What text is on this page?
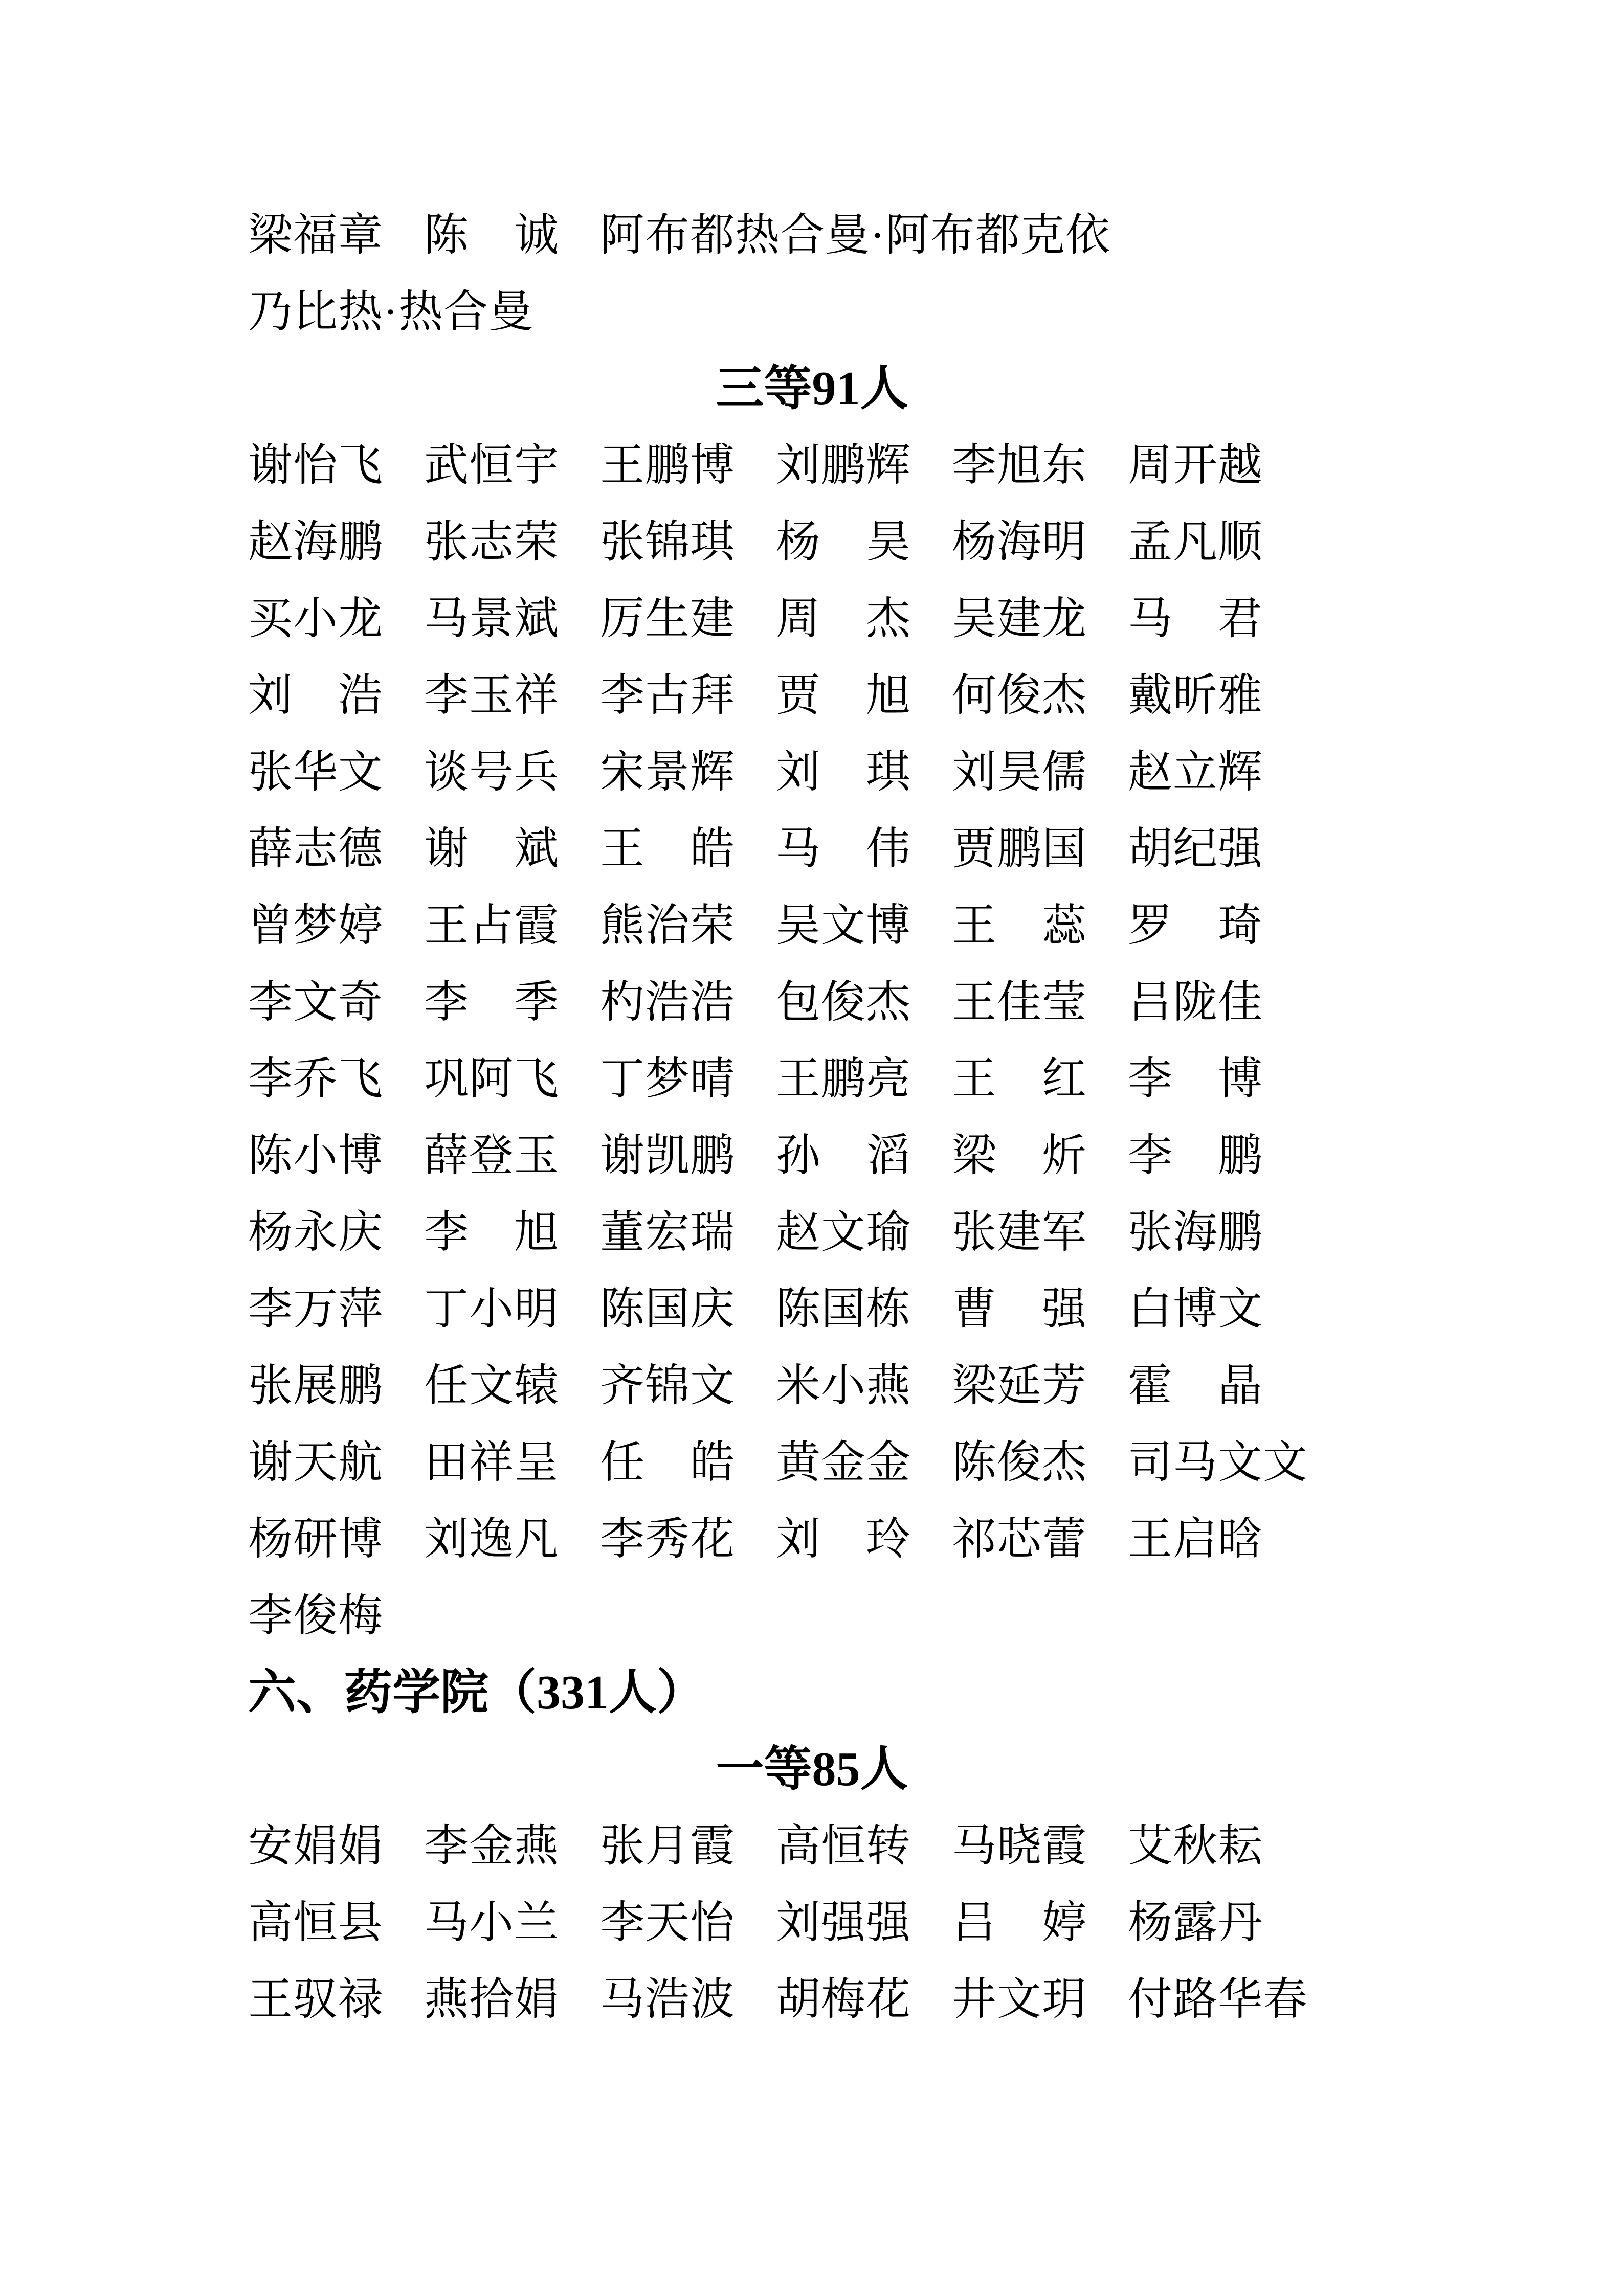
梁福章 陈　诚 阿布都热合曼·阿布都克依
乃比热·热合曼
三等91人
谢怡飞 武恒宇 王鹏博 刘鹏辉 李旭东 周开越
赵海鹏 张志荣 张锦琪 杨　昊 杨海明 孟凡顺
买小龙 马景斌 厉生建 周　杰 吴建龙 马　君
刘　浩 李玉祥 李古拜 贾　旭 何俊杰 戴昕雅
张华文 谈号兵 宋景辉 刘　琪 刘昊儒 赵立辉
薛志德 谢　斌 王　皓 马　伟 贾鹏国 胡纪强
曾梦婷 王占霞 熊治荣 吴文博 王　蕊 罗　琦
李文奇 李　季 杓浩浩 包俊杰 王佳莹 吕陇佳
李乔飞 巩阿飞 丁梦晴 王鹏亮 王　红 李　博
陈小博 薛登玉 谢凯鹏 孙　滔 梁　炘 李　鹏
杨永庆 李　旭 董宏瑞 赵文瑜 张建军 张海鹏
李万萍 丁小明 陈国庆 陈国栋 曹　强 白博文
张展鹏 任文辕 齐锦文 米小燕 梁延芳 霍　晶
谢天航 田祥呈 任　皓 黄金金 陈俊杰 司马文文
杨研博 刘逸凡 李秀花 刘　玲 祁芯蕾 王启晗
李俊梅
六、药学院（331人）
一等85人
安娟娟 李金燕 张月霞 高恒转 马晓霞 艾秋耘
高恒县 马小兰 李天怡 刘强强 吕　婷 杨露丹
王驭禄 燕拾娟 马浩波 胡梅花 井文玥 付路华春
